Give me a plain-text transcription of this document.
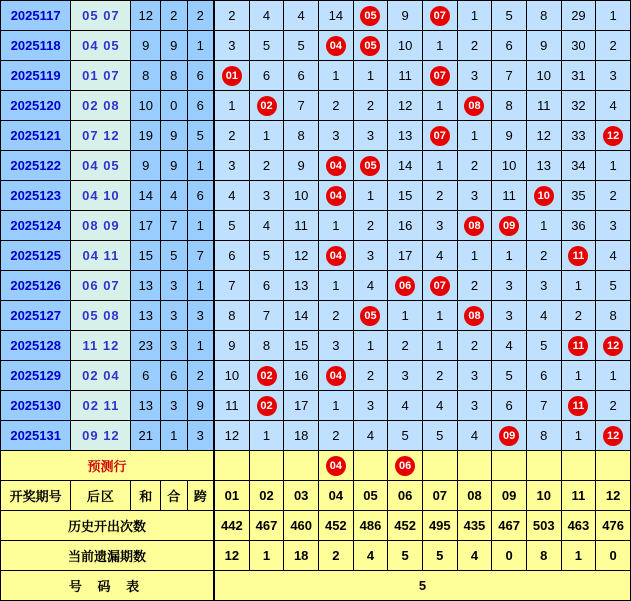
2025117	05 07	12	2	2	2	4	4	14	05	9	07	1	5	8	29	1
2025118	04 05	9	9	1	3	5	5	04	05	10	1	2	6	9	30	2
2025119	01 07	8	8	6	01	6	6	1	1	11	07	3	7	10	31	3
2025120	02 08	10	0	6	1	02	7	2	2	12	1	08	8	11	32	4
2025121	07 12	19	9	5	2	1	8	3	3	13	07	1	9	12	33	12
2025122	04 05	9	9	1	3	2	9	04	05	14	1	2	10	13	34	1
2025123	04 10	14	4	6	4	3	10	04	1	15	2	3	11	10	35	2
2025124	08 09	17	7	1	5	4	11	1	2	16	3	08	09	1	36	3
2025125	04 11	15	5	7	6	5	12	04	3	17	4	1	1	2	11	4
2025126	06 07	13	3	1	7	6	13	1	4	06	07	2	3	3	1	5
2025127	05 08	13	3	3	8	7	14	2	05	1	1	08	3	4	2	8
2025128	11 12	23	3	1	9	8	15	3	1	2	1	2	4	5	11	12
2025129	02 04	6	6	2	10	02	16	04	2	3	2	3	5	6	1	1
2025130	02 11	13	3	9	11	02	17	1	3	4	4	3	6	7	11	2
2025131	09 12	21	1	3	12	1	18	2	4	5	5	4	09	8	1	12
预测行								04		06						
开奖期号	后区	和	合	跨	01	02	03	04	05	06	07	08	09	10	11	12
历史开出次数					442	467	460	452	486	452	495	435	467	503	463	476
当前遗漏期数					12	1	18	2	4	5	5	4	0	8	1	0
号 码 表					5											
